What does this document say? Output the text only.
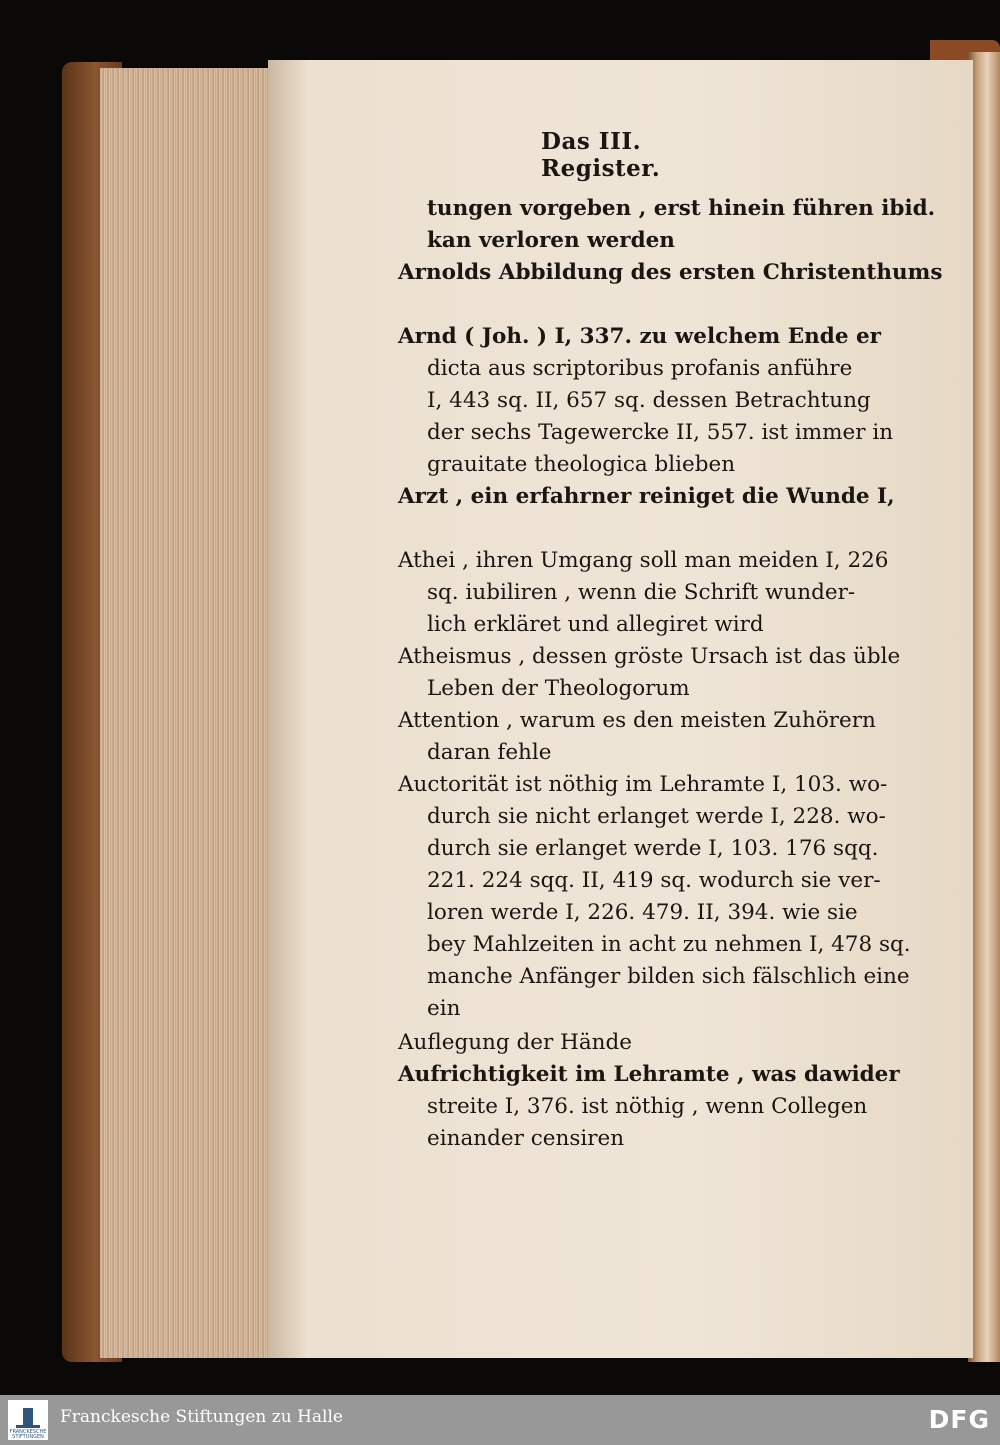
Das III. Register.
tungen vorgeben , erst hinein führen ibid.
kan verloren werden
Arnolds Abbildung des ersten Christenthums
Arnd ( Joh. ) I, 337. zu welchem Ende er
dicta aus scriptoribus profanis anführe
I, 443 sq. II, 657 sq. dessen Betrachtung
der sechs Tagewercke II, 557. ist immer in
grauitate theologica blieben
Arzt , ein erfahrner reiniget die Wunde I,
Athei , ihren Umgang soll man meiden I, 226
sq. iubiliren , wenn die Schrift wunder-
lich erkläret und allegiret wird
Atheismus , dessen gröste Ursach ist das üble
Leben der Theologorum
Attention , warum es den meisten Zuhörern
daran fehle
Auctorität ist nöthig im Lehramte I, 103. wo-
durch sie nicht erlanget werde I, 228. wo-
durch sie erlanget werde I, 103. 176 sqq.
221. 224 sqq. II, 419 sq. wodurch sie ver-
loren werde I, 226. 479. II, 394. wie sie
bey Mahlzeiten in acht zu nehmen I, 478 sq.
manche Anfänger bilden sich fälschlich eine
ein
Auflegung der Hände
Aufrichtigkeit im Lehramte , was dawider
streite I, 376. ist nöthig , wenn Collegen
einander censiren
FRANCKESCHE STIFTUNGEN
Franckesche Stiftungen zu Halle	DFG
